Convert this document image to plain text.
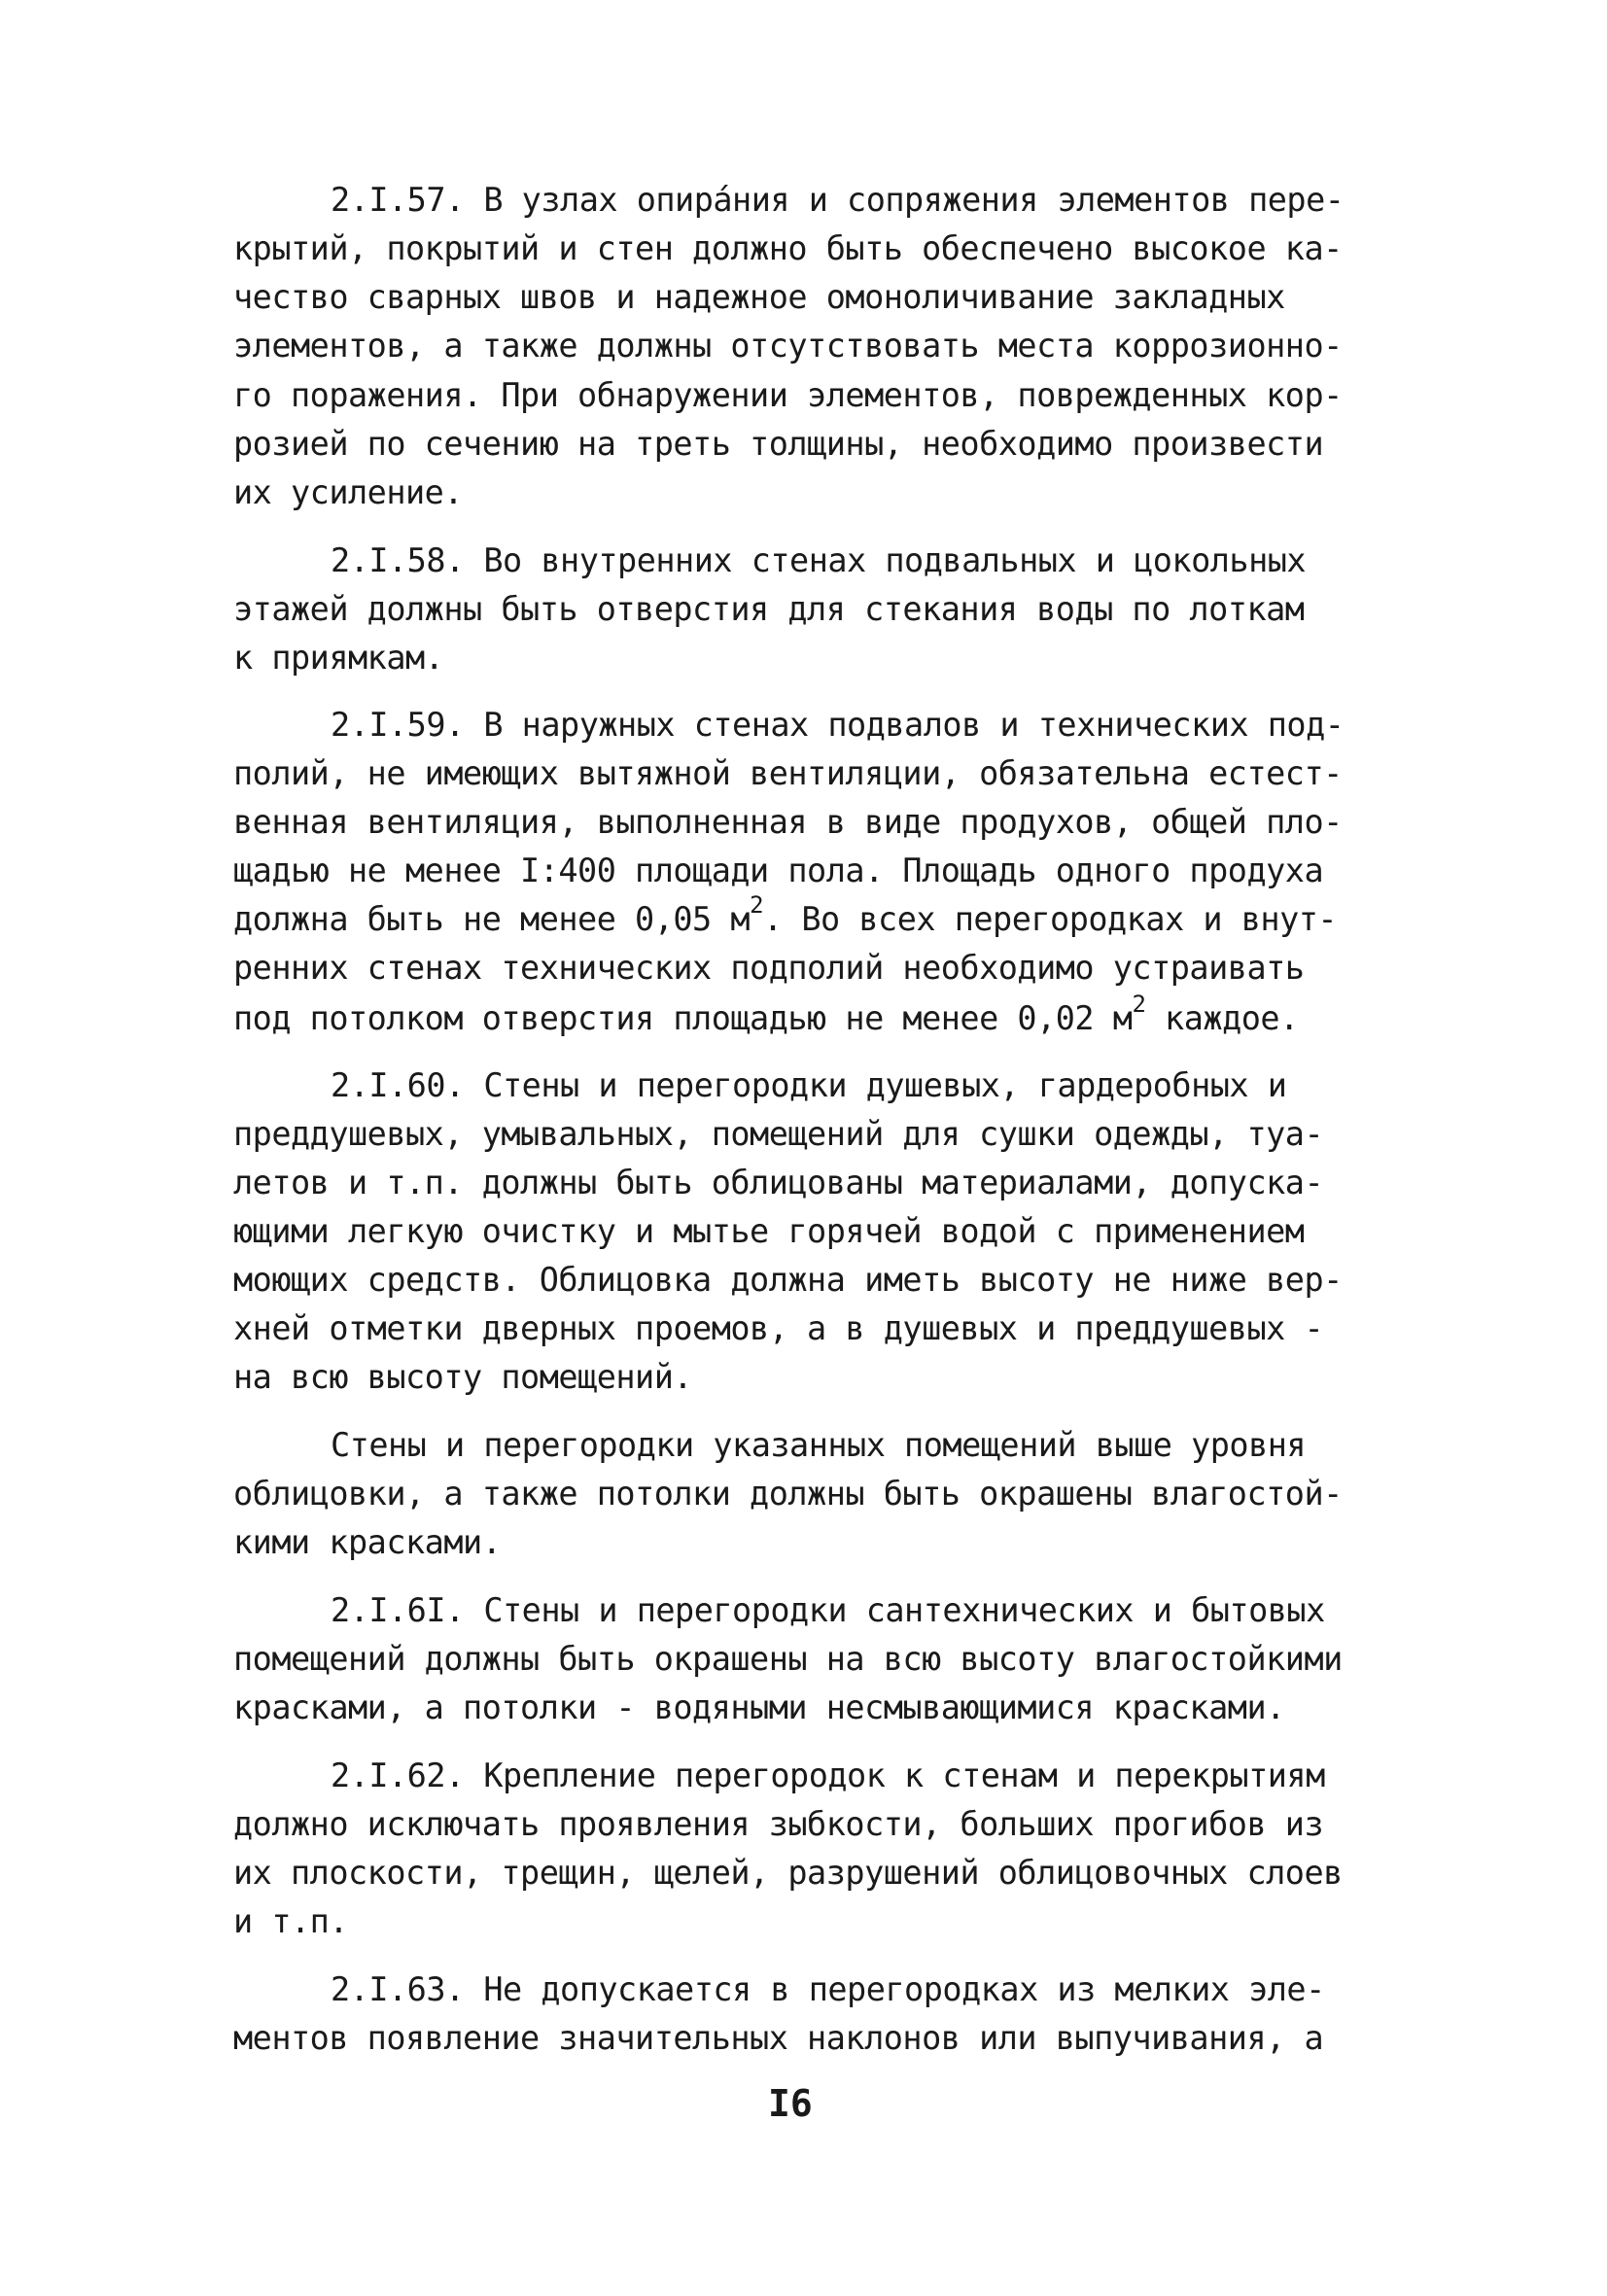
2.I.57. В узлах опирáния и сопряжения элементов пере-
крытий, покрытий и стен должно быть обеспечено высокое ка-
чество сварных швов и надежное омоноличивание закладных
элементов, а также должны отсутствовать места коррозионно-
го поражения. При обнаружении элементов, поврежденных кор-
розией по сечению на треть толщины, необходимо произвести
их усиление.
2.I.58. Во внутренних стенах подвальных и цокольных
этажей должны быть отверстия для стекания воды по лоткам
к приямкам.
2.I.59. В наружных стенах подвалов и технических под-
полий, не имеющих вытяжной вентиляции, обязательна естест-
венная вентиляция, выполненная в виде продухов, общей пло-
щадью не менее I:400 площади пола. Площадь одного продуха
должна быть не менее 0,05 м2. Во всех перегородках и внут-
ренних стенах технических подполий необходимо устраивать
под потолком отверстия площадью не менее 0,02 м2 каждое.
2.I.60. Стены и перегородки душевых, гардеробных и
преддушевых, умывальных, помещений для сушки одежды, туа-
летов и т.п. должны быть облицованы материалами, допуска-
ющими легкую очистку и мытье горячей водой с применением
моющих средств. Облицовка должна иметь высоту не ниже вер-
хней отметки дверных проемов, а в душевых и преддушевых -
на всю высоту помещений.
Стены и перегородки указанных помещений выше уровня
облицовки, а также потолки должны быть окрашены влагостой-
кими красками.
2.I.6I. Стены и перегородки сантехнических и бытовых
помещений должны быть окрашены на всю высоту влагостойкими
красками, а потолки - водяными несмывающимися красками.
2.I.62. Крепление перегородок к стенам и перекрытиям
должно исключать проявления зыбкости, больших прогибов из
их плоскости, трещин, щелей, разрушений облицовочных слоев
и т.п.
2.I.63. Не допускается в перегородках из мелких эле-
ментов появление значительных наклонов или выпучивания, а
I6
